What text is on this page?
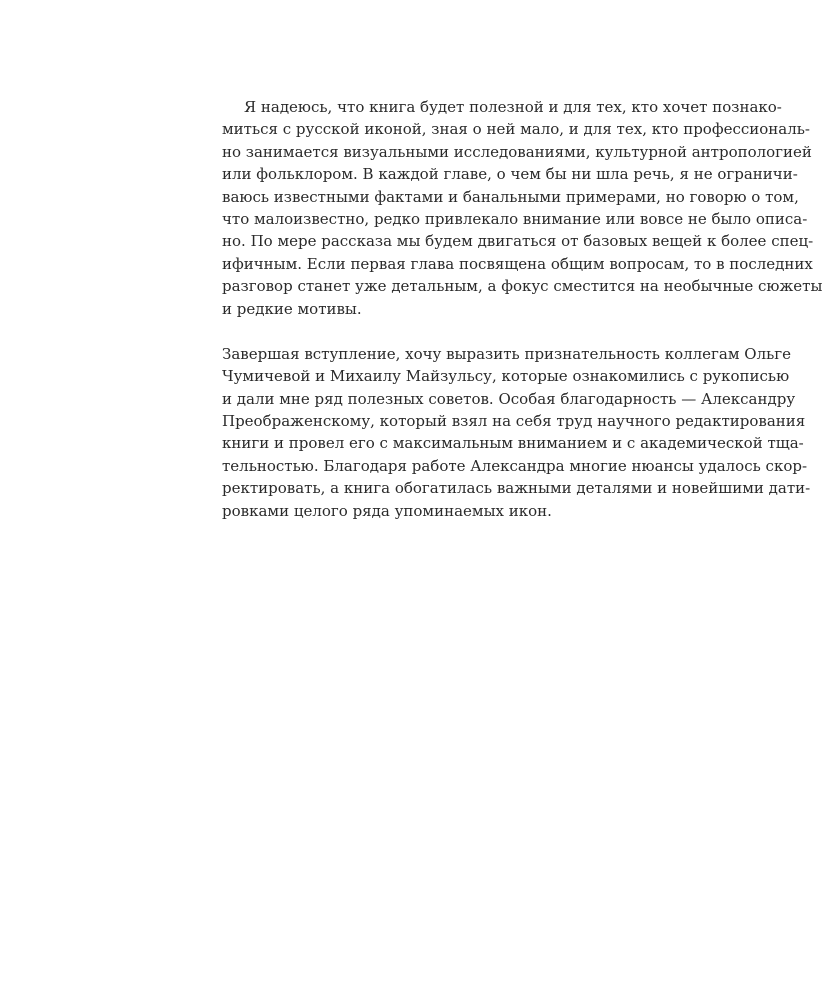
Я надеюсь, что книга будет полезной и для тех, кто хочет познако-
миться с русской иконой, зная о ней мало, и для тех, кто профессиональ-
но занимается визуальными исследованиями, культурной антропологией
или фольклором. В каждой главе, о чем бы ни шла речь, я не ограничи-
ваюсь известными фактами и банальными примерами, но говорю о том,
что малоизвестно, редко привлекало внимание или вовсе не было описа-
но. По мере рассказа мы будем двигаться от базовых вещей к более спец-
ифичным. Если первая глава посвящена общим вопросам, то в последних
разговор станет уже детальным, а фокус сместится на необычные сюжеты
и редкие мотивы.

Завершая вступление, хочу выразить признательность коллегам Ольге
Чумичевой и Михаилу Майзульсу, которые ознакомились с рукописью
и дали мне ряд полезных советов. Особая благодарность — Александру
Преображенскому, который взял на себя труд научного редактирования
книги и провел его с максимальным вниманием и с академической тща-
тельностью. Благодаря работе Александра многие нюансы удалось скор-
ректировать, а книга обогатилась важными деталями и новейшими дати-
ровками целого ряда упоминаемых икон.
